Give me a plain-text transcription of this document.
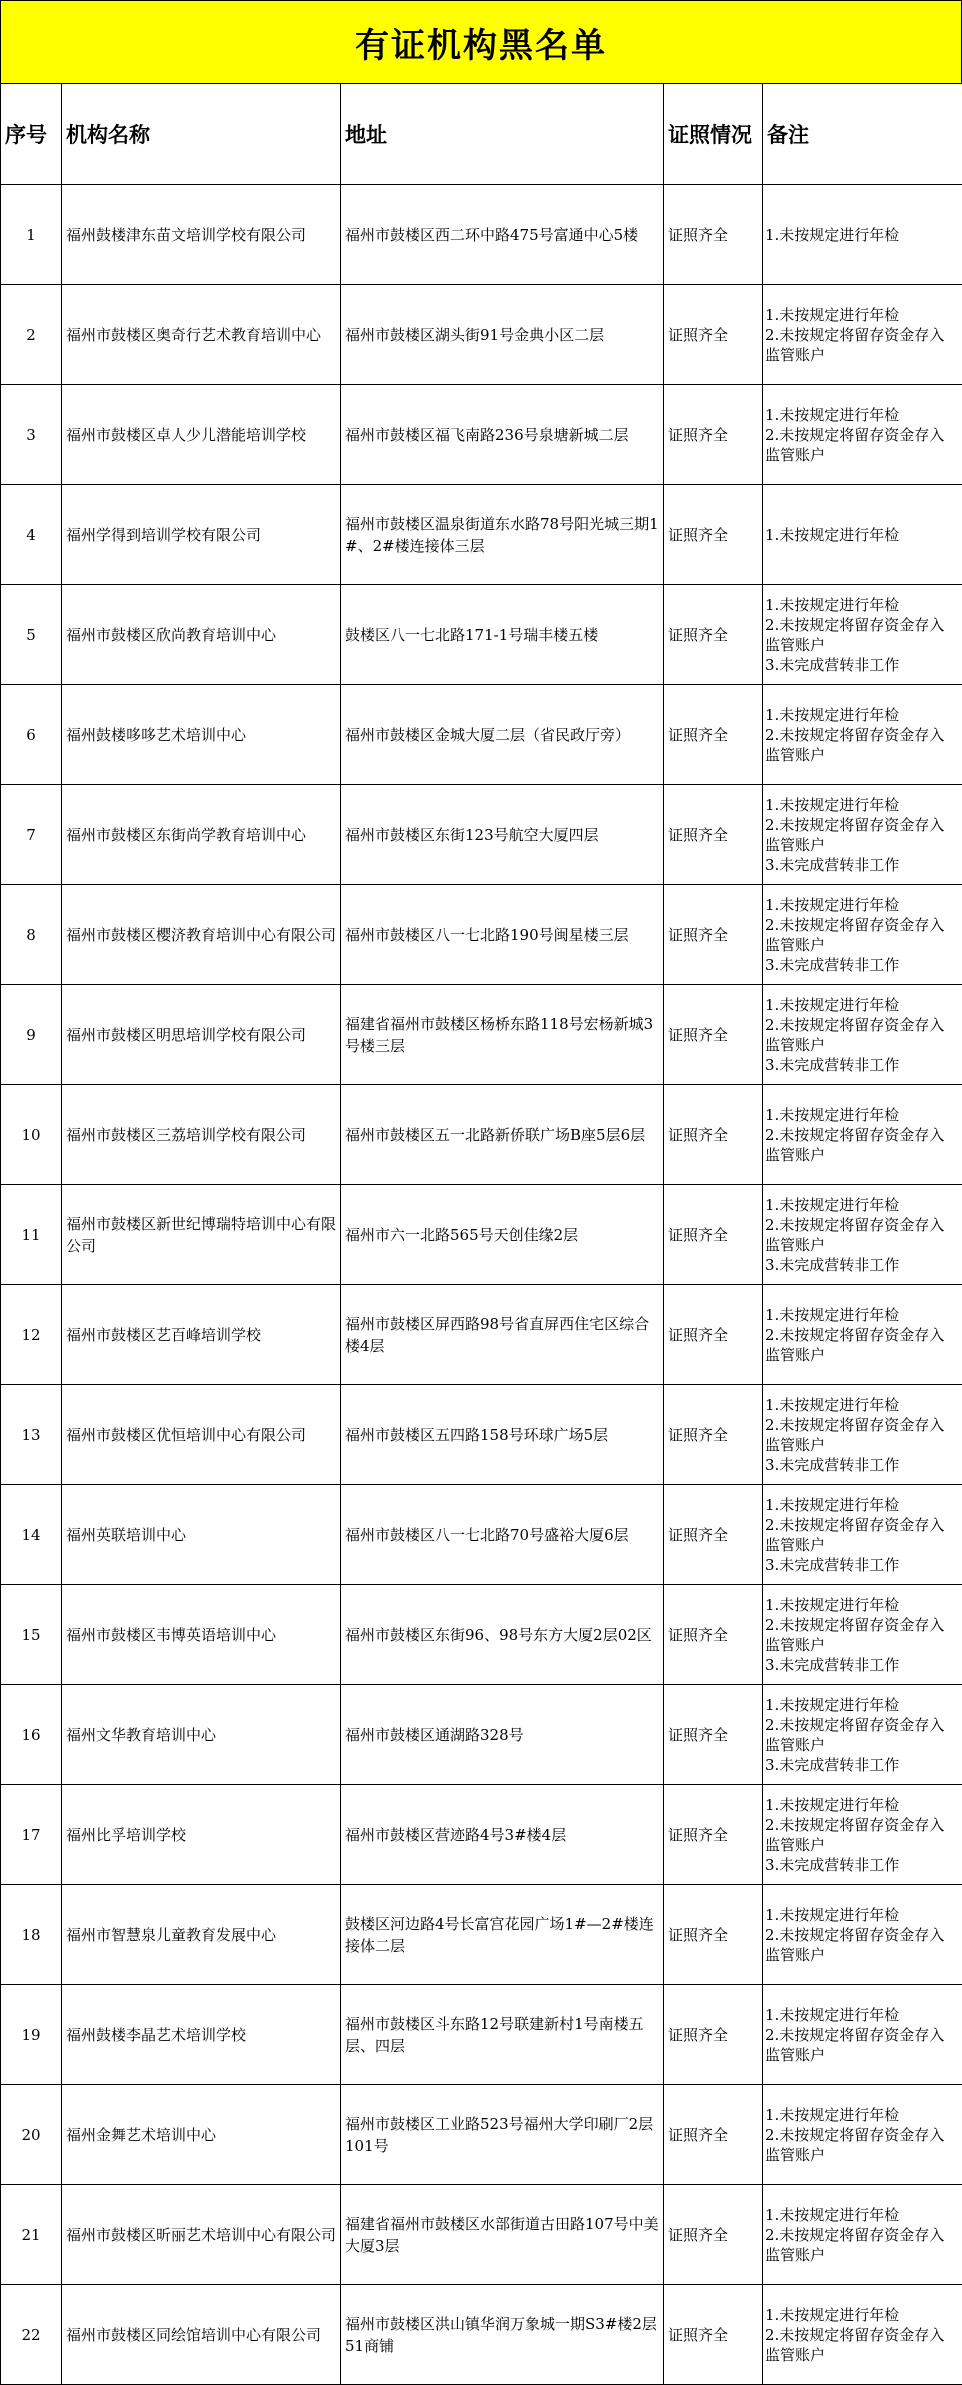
有证机构黑名单
序号	机构名称	地址	证照情况	备注
1	福州鼓楼津东苗文培训学校有限公司	福州市鼓楼区西二环中路475号富通中心5楼	证照齐全	1.未按规定进行年检
2	福州市鼓楼区奥奇行艺术教育培训中心	福州市鼓楼区湖头街91号金典小区二层	证照齐全	1.未按规定进行年检
2.未按规定将留存资金存入监管账户
3	福州市鼓楼区卓人少儿潜能培训学校	福州市鼓楼区福飞南路236号泉塘新城二层	证照齐全	1.未按规定进行年检
2.未按规定将留存资金存入监管账户
4	福州学得到培训学校有限公司	福州市鼓楼区温泉街道东水路78号阳光城三期1#、2#楼连接体三层	证照齐全	1.未按规定进行年检
5	福州市鼓楼区欣尚教育培训中心	鼓楼区八一七北路171-1号瑞丰楼五楼	证照齐全	1.未按规定进行年检
2.未按规定将留存资金存入监管账户
3.未完成营转非工作
6	福州鼓楼哆哆艺术培训中心	福州市鼓楼区金城大厦二层（省民政厅旁）	证照齐全	1.未按规定进行年检
2.未按规定将留存资金存入监管账户
7	福州市鼓楼区东街尚学教育培训中心	福州市鼓楼区东街123号航空大厦四层	证照齐全	1.未按规定进行年检
2.未按规定将留存资金存入监管账户
3.未完成营转非工作
8	福州市鼓楼区樱济教育培训中心有限公司	福州市鼓楼区八一七北路190号闽星楼三层	证照齐全	1.未按规定进行年检
2.未按规定将留存资金存入监管账户
3.未完成营转非工作
9	福州市鼓楼区明思培训学校有限公司	福建省福州市鼓楼区杨桥东路118号宏杨新城3号楼三层	证照齐全	1.未按规定进行年检
2.未按规定将留存资金存入监管账户
3.未完成营转非工作
10	福州市鼓楼区三荔培训学校有限公司	福州市鼓楼区五一北路新侨联广场B座5层6层	证照齐全	1.未按规定进行年检
2.未按规定将留存资金存入监管账户
11	福州市鼓楼区新世纪博瑞特培训中心有限公司	福州市六一北路565号天创佳缘2层	证照齐全	1.未按规定进行年检
2.未按规定将留存资金存入监管账户
3.未完成营转非工作
12	福州市鼓楼区艺百峰培训学校	福州市鼓楼区屏西路98号省直屏西住宅区综合楼4层	证照齐全	1.未按规定进行年检
2.未按规定将留存资金存入监管账户
13	福州市鼓楼区优恒培训中心有限公司	福州市鼓楼区五四路158号环球广场5层	证照齐全	1.未按规定进行年检
2.未按规定将留存资金存入监管账户
3.未完成营转非工作
14	福州英联培训中心	福州市鼓楼区八一七北路70号盛裕大厦6层	证照齐全	1.未按规定进行年检
2.未按规定将留存资金存入监管账户
3.未完成营转非工作
15	福州市鼓楼区韦博英语培训中心	福州市鼓楼区东街96、98号东方大厦2层02区	证照齐全	1.未按规定进行年检
2.未按规定将留存资金存入监管账户
3.未完成营转非工作
16	福州文华教育培训中心	福州市鼓楼区通湖路328号	证照齐全	1.未按规定进行年检
2.未按规定将留存资金存入监管账户
3.未完成营转非工作
17	福州比孚培训学校	福州市鼓楼区营迹路4号3#楼4层	证照齐全	1.未按规定进行年检
2.未按规定将留存资金存入监管账户
3.未完成营转非工作
18	福州市智慧泉儿童教育发展中心	鼓楼区河边路4号长富宫花园广场1#—2#楼连接体二层	证照齐全	1.未按规定进行年检
2.未按规定将留存资金存入监管账户
19	福州鼓楼李晶艺术培训学校	福州市鼓楼区斗东路12号联建新村1号南楼五层、四层	证照齐全	1.未按规定进行年检
2.未按规定将留存资金存入监管账户
20	福州金舞艺术培训中心	福州市鼓楼区工业路523号福州大学印刷厂2层101号	证照齐全	1.未按规定进行年检
2.未按规定将留存资金存入监管账户
21	福州市鼓楼区昕丽艺术培训中心有限公司	福建省福州市鼓楼区水部街道古田路107号中美大厦3层	证照齐全	1.未按规定进行年检
2.未按规定将留存资金存入监管账户
22	福州市鼓楼区同绘馆培训中心有限公司	福州市鼓楼区洪山镇华润万象城一期S3#楼2层51商铺	证照齐全	1.未按规定进行年检
2.未按规定将留存资金存入监管账户
